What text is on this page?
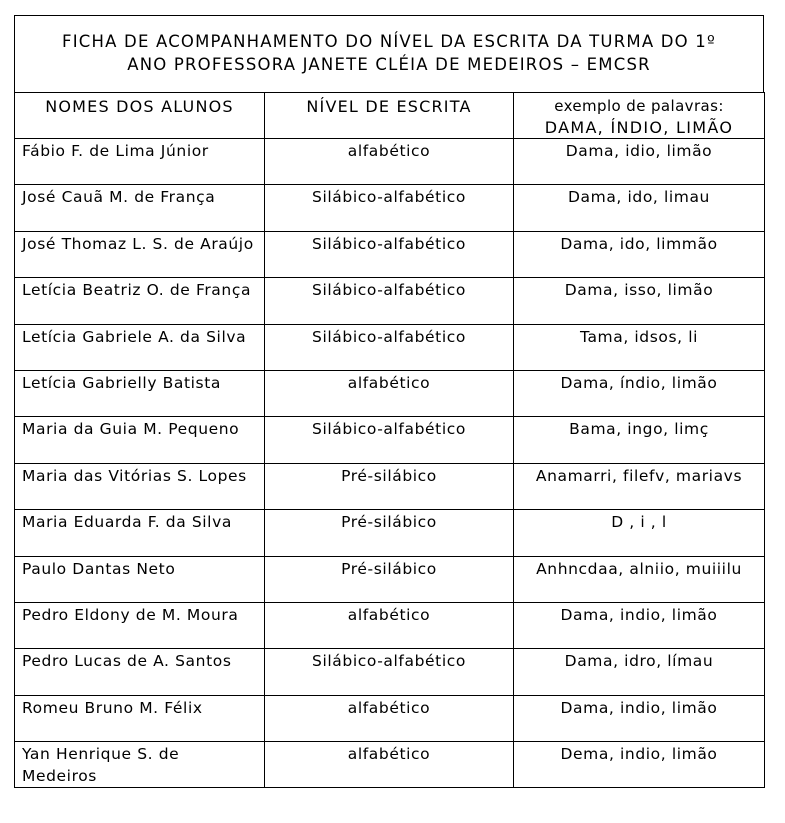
FICHA DE ACOMPANHAMENTO DO NÍVEL DA ESCRITA DA TURMA DO 1º
ANO PROFESSORA JANETE CLÉIA DE MEDEIROS – EMCSR
NOMES DOS ALUNOS	NÍVEL DE ESCRITA	exemplo de palavras:
DAMA, ÍNDIO, LIMÃO

Fábio F. de Lima Júnior	alfabético	Dama, idio, limão
José Cauã M. de França	Silábico-alfabético	Dama, ido, limau
José Thomaz L. S. de Araújo	Silábico-alfabético	Dama, ido, limmão
Letícia Beatriz O. de França	Silábico-alfabético	Dama, isso, limão
Letícia Gabriele A. da Silva	Silábico-alfabético	Tama, idsos, li
Letícia Gabrielly Batista	alfabético	Dama, índio, limão
Maria da Guia M. Pequeno	Silábico-alfabético	Bama, ingo, limç
Maria das Vitórias S. Lopes	Pré-silábico	Anamarri, filefv, mariavs
Maria Eduarda F. da Silva	Pré-silábico	D , i , l
Paulo Dantas Neto	Pré-silábico	Anhncdaa, alniio, muiiilu
Pedro Eldony de M. Moura	alfabético	Dama, indio, limão
Pedro Lucas de A. Santos	Silábico-alfabético	Dama, idro, límau
Romeu Bruno M. Félix	alfabético	Dama, indio, limão
Yan Henrique S. de Medeiros	alfabético	Dema, indio, limão
